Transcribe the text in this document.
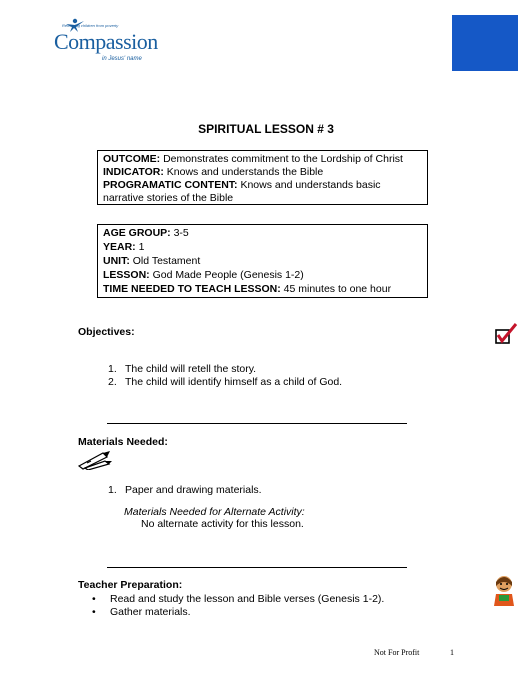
Releasing children from poverty
Compassion
in Jesus' name
SPIRITUAL LESSON # 3
OUTCOME: Demonstrates commitment to the Lordship of Christ
INDICATOR: Knows and understands the Bible
PROGRAMATIC CONTENT: Knows and understands basic
narrative stories of the Bible
AGE GROUP: 3-5
YEAR: 1
UNIT: Old Testament
LESSON: God Made People (Genesis 1-2)
TIME NEEDED TO TEACH LESSON: 45 minutes to one hour
Objectives:
1. The child will retell the story.
2. The child will identify himself as a child of God.
Materials Needed:
1. Paper and drawing materials.
Materials Needed for Alternate Activity:
No alternate activity for this lesson.
Teacher Preparation:
• Read and study the lesson and Bible verses (Genesis 1-2).
• Gather materials.
Not For Profit	1
